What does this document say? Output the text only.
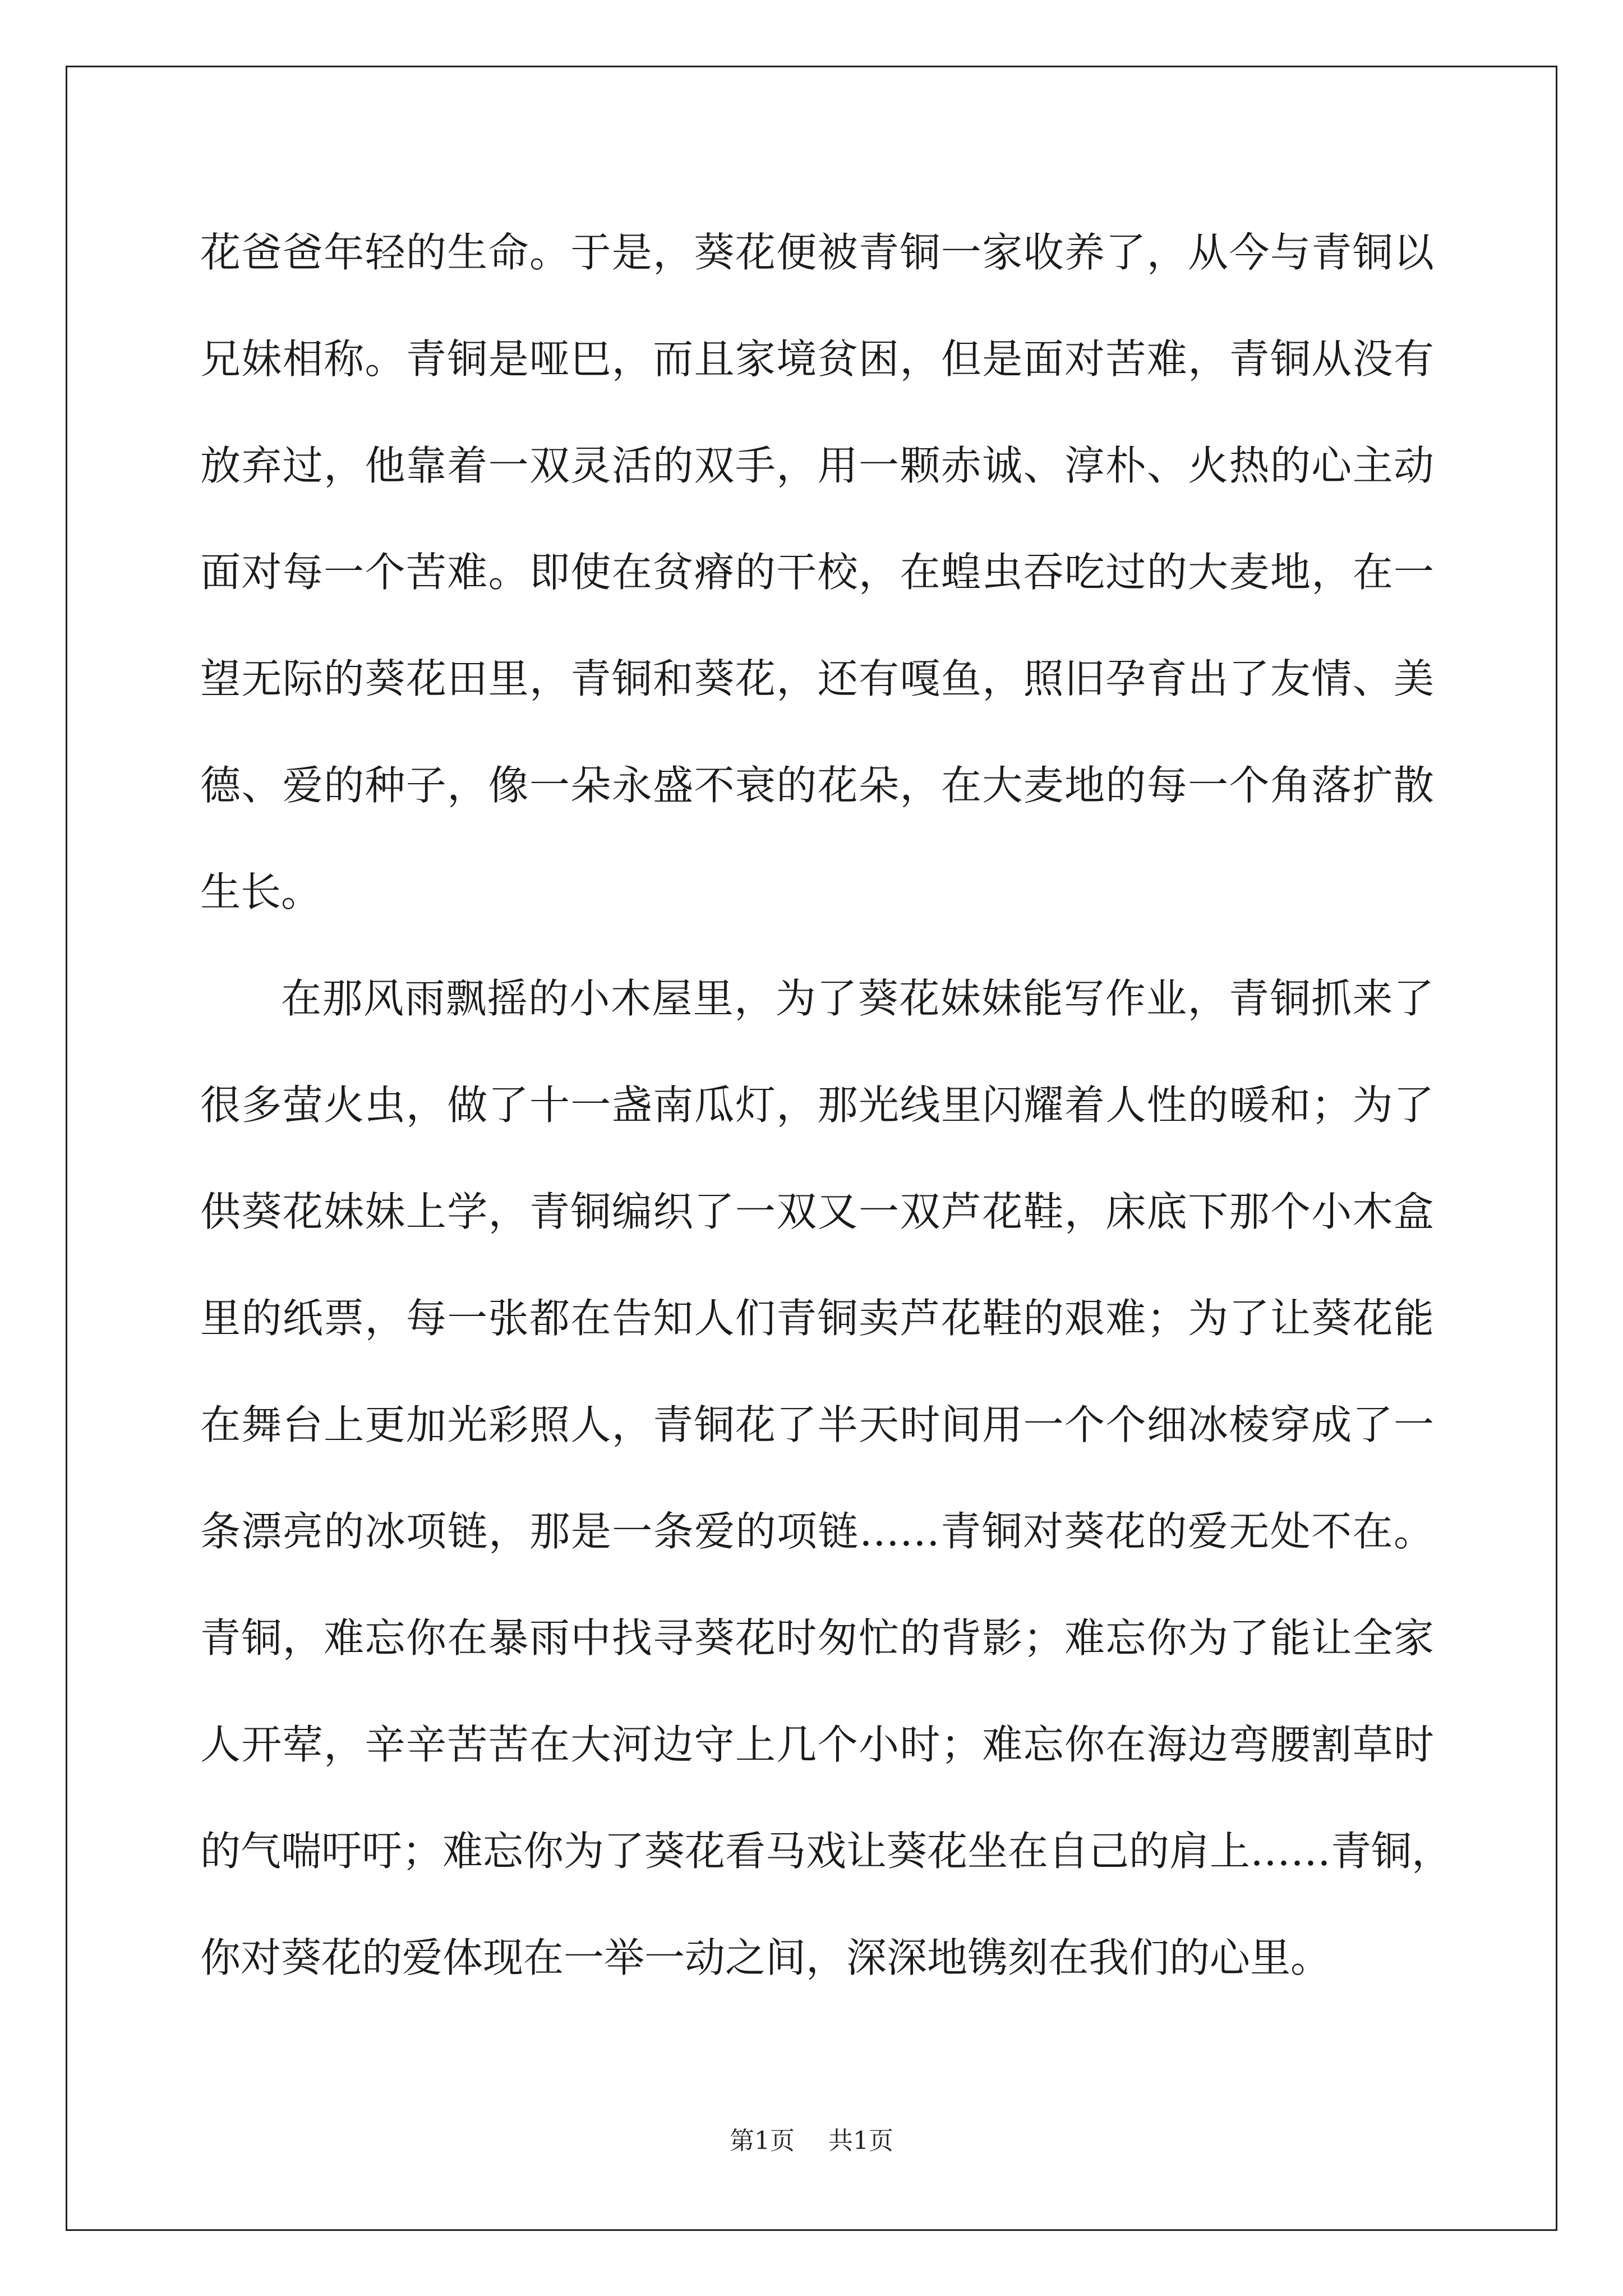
花爸爸年轻的生命。于是，葵花便被青铜一家收养了，从今与青铜以
兄妹相称。青铜是哑巴，而且家境贫困，但是面对苦难，青铜从没有
放弃过，他靠着一双灵活的双手，用一颗赤诚、淳朴、火热的心主动
面对每一个苦难。即使在贫瘠的干校，在蝗虫吞吃过的大麦地，在一
望无际的葵花田里，青铜和葵花，还有嘎鱼，照旧孕育出了友情、美
德、爱的种子，像一朵永盛不衰的花朵，在大麦地的每一个角落扩散
生长。
在那风雨飘摇的小木屋里，为了葵花妹妹能写作业，青铜抓来了
很多萤火虫，做了十一盏南瓜灯，那光线里闪耀着人性的暖和；为了
供葵花妹妹上学，青铜编织了一双又一双芦花鞋，床底下那个小木盒
里的纸票，每一张都在告知人们青铜卖芦花鞋的艰难；为了让葵花能
在舞台上更加光彩照人，青铜花了半天时间用一个个细冰棱穿成了一
条漂亮的冰项链，那是一条爱的项链……青铜对葵花的爱无处不在。
青铜，难忘你在暴雨中找寻葵花时匆忙的背影；难忘你为了能让全家
人开荤，辛辛苦苦在大河边守上几个小时；难忘你在海边弯腰割草时
的气喘吁吁；难忘你为了葵花看马戏让葵花坐在自己的肩上……青铜，
你对葵花的爱体现在一举一动之间，深深地镌刻在我们的心里。
第1页 共1页
